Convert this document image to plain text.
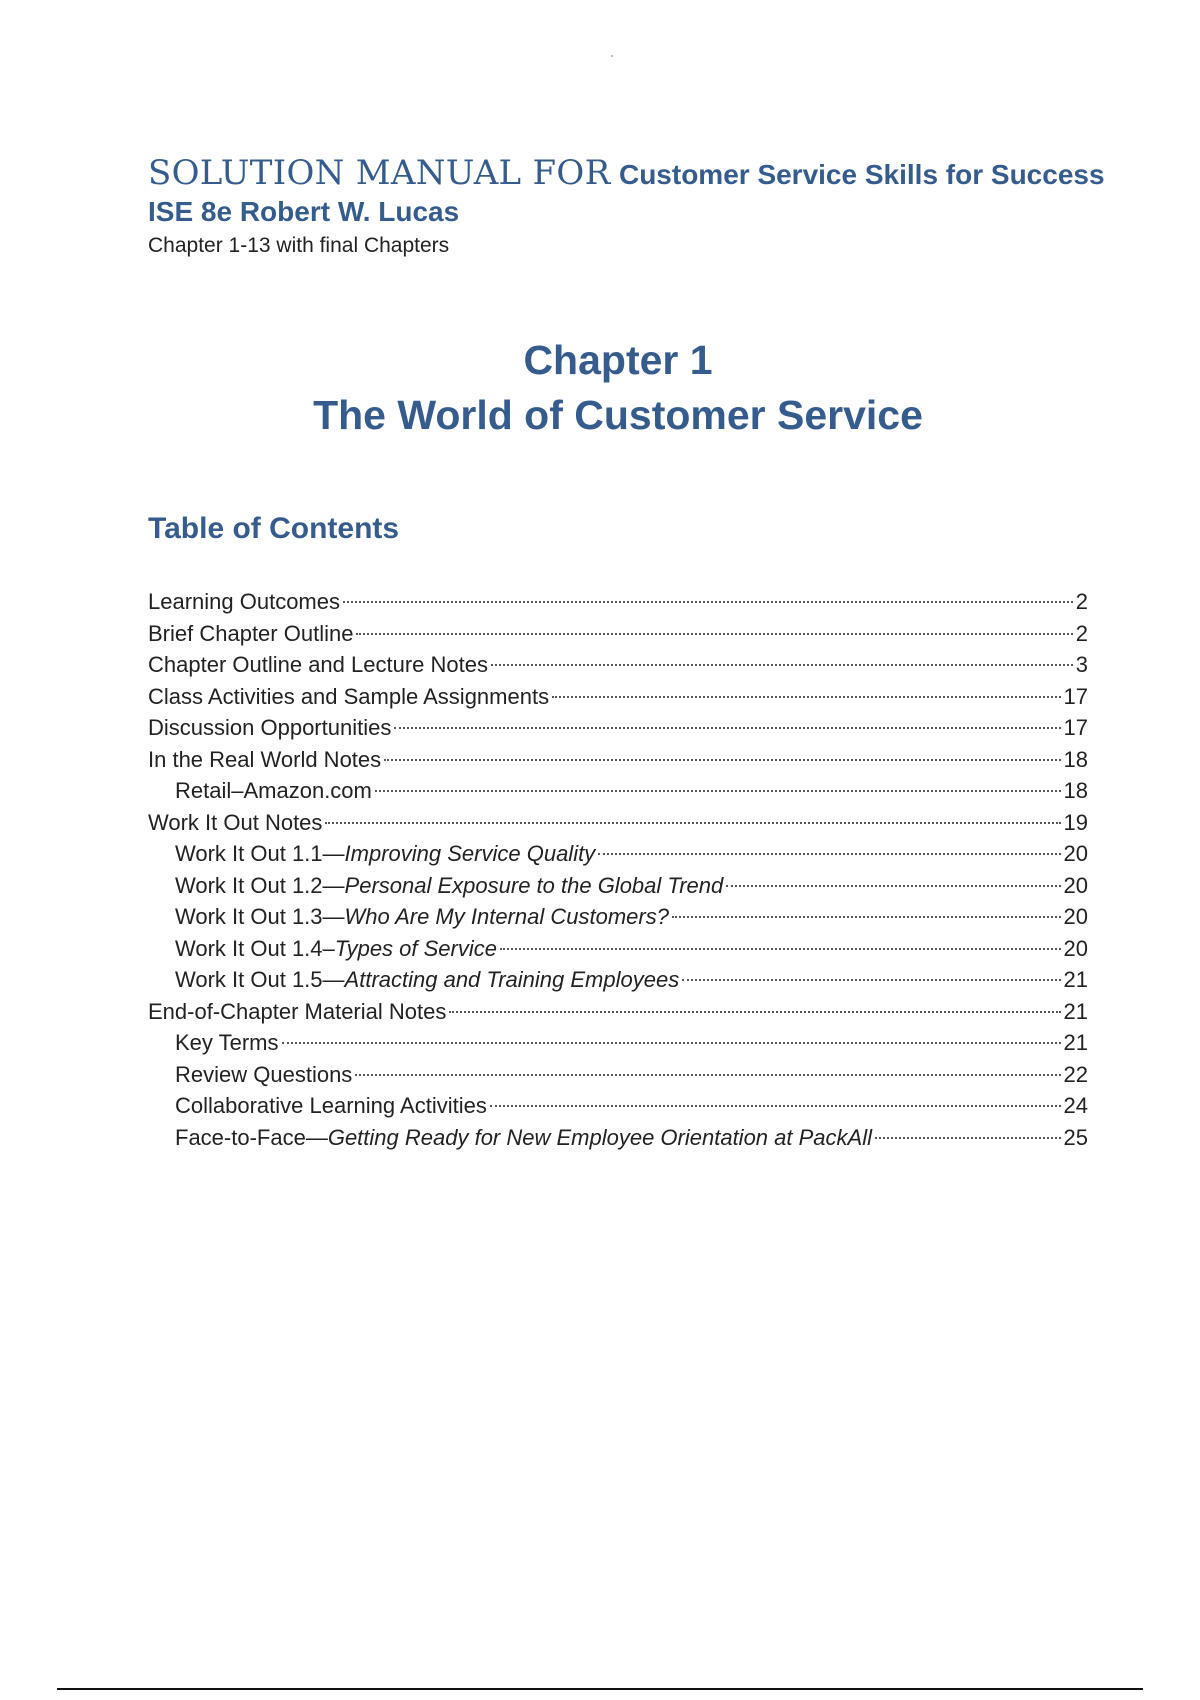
SOLUTION MANUAL FOR Customer Service Skills for Success
ISE 8e Robert W. Lucas
Chapter 1-13 with final Chapters
Chapter 1
The World of Customer Service
Table of Contents
Learning Outcomes	2
Brief Chapter Outline	2
Chapter Outline and Lecture Notes	3
Class Activities and Sample Assignments	17
Discussion Opportunities	17
In the Real World Notes	18
Retail–Amazon.com	18
Work It Out Notes	19
Work It Out 1.1—Improving Service Quality	20
Work It Out 1.2—Personal Exposure to the Global Trend	20
Work It Out 1.3—Who Are My Internal Customers?	20
Work It Out 1.4–Types of Service	20
Work It Out 1.5—Attracting and Training Employees	21
End-of-Chapter Material Notes	21
Key Terms	21
Review Questions	22
Collaborative Learning Activities	24
Face-to-Face—Getting Ready for New Employee Orientation at PackAll	25
